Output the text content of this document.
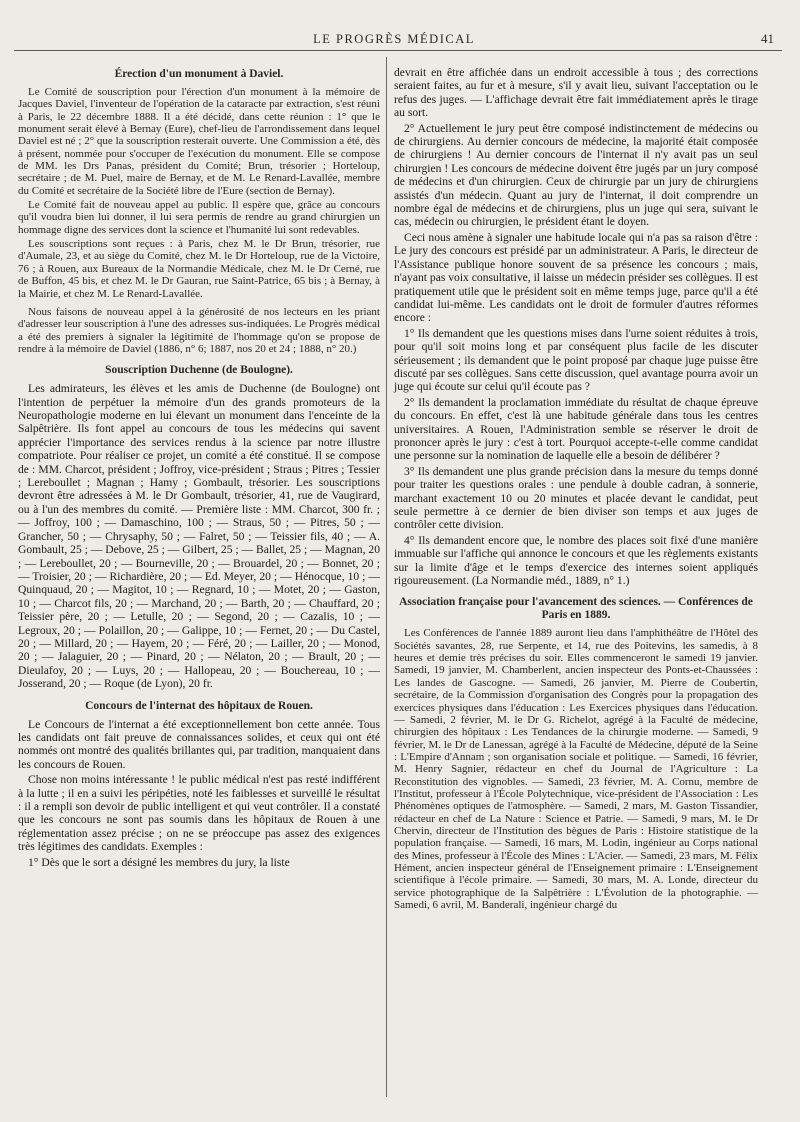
LE PROGRÈS MÉDICAL	41
Érection d'un monument à Daviel.

Le Comité de souscription pour l'érection d'un monument à la mémoire de Jacques Daviel, l'inventeur de l'opération de la cataracte par extraction, s'est réuni à Paris, le 22 décembre 1888. Il a été décidé, dans cette réunion : 1° que le monument serait élevé à Bernay (Eure), chef-lieu de l'arrondissement dans lequel Daviel est né ; 2° que la souscription resterait ouverte. Une Commission a été, dès à présent, nommée pour s'occuper de l'exécution du monument. Elle se compose de MM. les Drs Panas, président du Comité; Brun, trésorier ; Horteloup, secrétaire ; de M. Puel, maire de Bernay, et de M. Le Renard-Lavallée, membre du Comité et secrétaire de la Société libre de l'Eure (section de Bernay).

Le Comité fait de nouveau appel au public. Il espère que, grâce au concours qu'il voudra bien lui donner, il lui sera permis de rendre au grand chirurgien un hommage digne des services dont la science et l'humanité lui sont redevables.

Les souscriptions sont reçues : à Paris, chez M. le Dr Brun, trésorier, rue d'Aumale, 23, et au siège du Comité, chez M. le Dr Horteloup, rue de la Victoire, 76 ; à Rouen, aux Bureaux de la Normandie Médicale, chez M. le Dr Cerné, rue de Buffon, 45 bis, et chez M. le Dr Gauran, rue Saint-Patrice, 65 bis ; à Bernay, à la Mairie, et chez M. Le Renard-Lavallée.

Nous faisons de nouveau appel à la générosité de nos lecteurs en les priant d'adresser leur souscription à l'une des adresses sus-indiquées. Le Progrès médical a été des premiers à signaler la légitimité de l'hommage qu'on se propose de rendre à la mémoire de Daviel (1886, n° 6; 1887, nos 20 et 24 ; 1888, n° 20.)

Souscription Duchenne (de Boulogne).

Les admirateurs, les élèves et les amis de Duchenne (de Boulogne) ont l'intention de perpétuer la mémoire d'un des grands promoteurs de la Neuropathologie moderne en lui élevant un monument dans l'enceinte de la Salpêtrière. Ils font appel au concours de tous les médecins qui savent apprécier l'importance des services rendus à la science par notre illustre compatriote. Pour réaliser ce projet, un comité a été constitué. Il se compose de : MM. Charcot, président ; Joffroy, vice-président ; Straus ; Pitres ; Tessier ; Lereboullet ; Magnan ; Hamy ; Gombault, trésorier. Les souscriptions devront être adressées à M. le Dr Gombault, trésorier, 41, rue de Vaugirard, ou à l'un des membres du comité. — Première liste : MM. Charcot, 300 fr. ; — Joffroy, 100 ; — Damaschino, 100 ; — Straus, 50 ; — Pitres, 50 ; — Grancher, 50 ; — Chrysaphy, 50 ; — Falret, 50 ; — Teissier fils, 40 ; — A. Gombault, 25 ; — Debove, 25 ; — Gilbert, 25 ; — Ballet, 25 ; — Magnan, 20 ; — Lereboullet, 20 ; — Bourneville, 20 ; — Brouardel, 20 ; — Bonnet, 20 ; — Troisier, 20 ; — Richardière, 20 ; — Ed. Meyer, 20 ; — Hénocque, 10 ; — Quinquaud, 20 ; — Magitot, 10 ; — Regnard, 10 ; — Motet, 20 ; — Gaston, 10 ; — Charcot fils, 20 ; — Marchand, 20 ; — Barth, 20 ; — Chauffard, 20 ; Teissier père, 20 ; — Letulle, 20 ; — Segond, 20 ; — Cazalis, 10 ; — Legroux, 20 ; — Polaillon, 20 ; — Galippe, 10 ; — Fernet, 20 ; — Du Castel, 20 ; — Millard, 20 ; — Hayem, 20 ; — Féré, 20 ; — Lailler, 20 ; — Monod, 20 ; — Jalaguier, 20 ; — Pinard, 20 ; — Nélaton, 20 ; — Brault, 20 ; — Dieulafoy, 20 ; — Luys, 20 ; — Hallopeau, 20 ; — Bouchereau, 10 ; — Josserand, 20 ; — Roque (de Lyon), 20 fr.

Concours de l'internat des hôpitaux de Rouen.

Le Concours de l'internat a été exceptionnellement bon cette année. Tous les candidats ont fait preuve de connaissances solides, et ceux qui ont été nommés ont montré des qualités brillantes qui, par tradition, manquaient dans les concours de Rouen.

Chose non moins intéressante ! le public médical n'est pas resté indifférent à la lutte ; il en a suivi les péripéties, noté les faiblesses et surveillé le résultat : il a rempli son devoir de public intelligent et qui veut contrôler. Il a constaté que les concours ne sont pas soumis dans les hôpitaux de Rouen à une réglementation assez précise ; on ne se préoccupe pas assez des exigences très légitimes des candidats. Exemples :

1° Dès que le sort a désigné les membres du jury, la liste

devrait en être affichée dans un endroit accessible à tous ; des corrections seraient faites, au fur et à mesure, s'il y avait lieu, suivant l'acceptation ou le refus des juges. — L'affichage devrait être fait immédiatement après le tirage au sort.

2° Actuellement le jury peut être composé indistinctement de médecins ou de chirurgiens. Au dernier concours de médecine, la majorité était composée de chirurgiens ! Au dernier concours de l'internat il n'y avait pas un seul chirurgien ! Les concours de médecine doivent être jugés par un jury composé de médecins et d'un chirurgien. Ceux de chirurgie par un jury de chirurgiens assistés d'un médecin. Quant au jury de l'internat, il doit comprendre un nombre égal de médecins et de chirurgiens, plus un juge qui sera, suivant le cas, médecin ou chirurgien, le président étant le doyen.

Ceci nous amène à signaler une habitude locale qui n'a pas sa raison d'être : Le jury des concours est présidé par un administrateur. A Paris, le directeur de l'Assistance publique honore souvent de sa présence les concours ; mais, n'ayant pas voix consultative, il laisse un médecin présider ses collègues. Il est pratiquement utile que le président soit en même temps juge, parce qu'il a été candidat lui-même. Les candidats ont le droit de formuler d'autres réformes encore :

1° Ils demandent que les questions mises dans l'urne soient réduites à trois, pour qu'il soit moins long et par conséquent plus facile de les discuter sérieusement ; ils demandent que le point proposé par chaque juge puisse être discuté par ses collègues. Sans cette discussion, quel avantage pourra avoir un juge qui écoute sur celui qu'il écoute pas ?

2° Ils demandent la proclamation immédiate du résultat de chaque épreuve du concours. En effet, c'est là une habitude générale dans tous les centres universitaires. A Rouen, l'Administration semble se réserver le droit de prononcer après le jury : c'est à tort. Pourquoi accepte-t-elle comme candidat une personne sur la nomination de laquelle elle a besoin de délibérer ?

3° Ils demandent une plus grande précision dans la mesure du temps donné pour traiter les questions orales : une pendule à double cadran, à sonnerie, marchant exactement 10 ou 20 minutes et placée devant le candidat, peut seule permettre à ce dernier de bien diviser son temps et aux juges de contrôler cette division.

4° Ils demandent encore que, le nombre des places soit fixé d'une manière immuable sur l'affiche qui annonce le concours et que les règlements existants sur la limite d'âge et le temps d'exercice des internes soient appliqués rigoureusement. (La Normandie méd., 1889, n° 1.)

Association française pour l'avancement des sciences. — Conférences de Paris en 1889.

Les Conférences de l'année 1889 auront lieu dans l'amphithéâtre de l'Hôtel des Sociétés savantes, 28, rue Serpente, et 14, rue des Poitevins, les samedis, à 8 heures et demie très précises du soir. Elles commenceront le samedi 19 janvier. Samedi, 19 janvier, M. Chamberlent, ancien inspecteur des Ponts-et-Chaussées : Les landes de Gascogne. — Samedi, 26 janvier, M. Pierre de Coubertin, secrétaire, de la Commission d'organisation des Congrès pour la propagation des exercices physiques dans l'éducation : Les Exercices physiques dans l'éducation. — Samedi, 2 février, M. le Dr G. Richelot, agrégé à la Faculté de médecine, chirurgien des hôpitaux : Les Tendances de la chirurgie moderne. — Samedi, 9 février, M. le Dr de Lanessan, agrégé à la Faculté de Médecine, député de la Seine : L'Empire d'Annam ; son organisation sociale et politique. — Samedi, 16 février, M. Henry Sagnier, rédacteur en chef du Journal de l'Agriculture : La Reconstitution des vignobles. — Samedi, 23 février, M. A. Cornu, membre de l'Institut, professeur à l'École Polytechnique, vice-président de l'Association : Les Phénomènes optiques de l'atmosphère. — Samedi, 2 mars, M. Gaston Tissandier, rédacteur en chef de La Nature : Science et Patrie. — Samedi, 9 mars, M. le Dr Chervin, directeur de l'Institution des bègues de Paris : Histoire statistique de la population française. — Samedi, 16 mars, M. Lodin, ingénieur au Corps national des Mines, professeur à l'École des Mines : L'Acier. — Samedi, 23 mars, M. Félix Hément, ancien inspecteur général de l'Enseignement primaire : L'Enseignement scientifique à l'école primaire. — Samedi, 30 mars, M. A. Londe, directeur du service photographique de la Salpêtrière : L'Évolution de la photographie. — Samedi, 6 avril, M. Banderali, ingénieur chargé du
